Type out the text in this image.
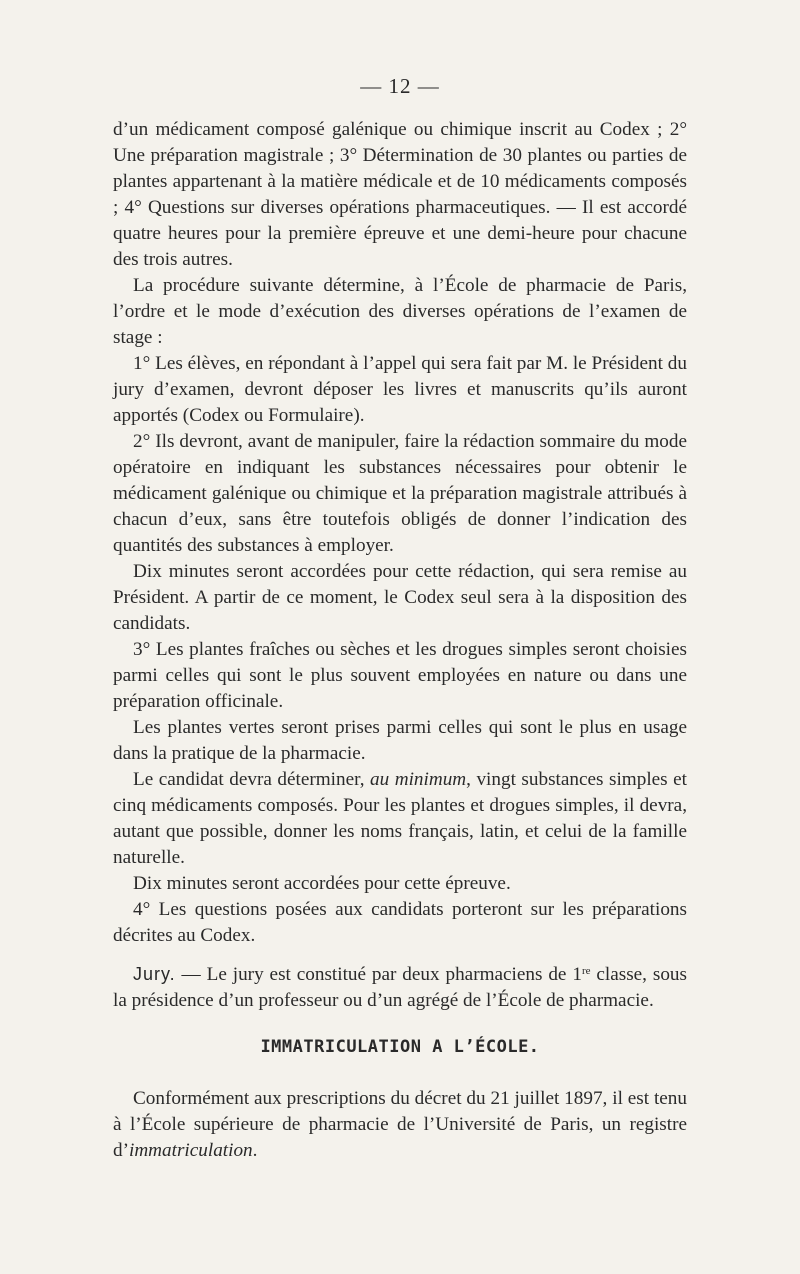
— 12 —

d’un médicament composé galénique ou chimique inscrit au Codex ; 2° Une préparation magistrale ; 3° Détermination de 30 plantes ou parties de plantes appartenant à la matière médicale et de 10 médicaments composés ; 4° Questions sur diverses opérations pharmaceutiques. — Il est accordé quatre heures pour la première épreuve et une demi-heure pour chacune des trois autres.

La procédure suivante détermine, à l’École de pharmacie de Paris, l’ordre et le mode d’exécution des diverses opérations de l’examen de stage :

1° Les élèves, en répondant à l’appel qui sera fait par M. le Président du jury d’examen, devront déposer les livres et manuscrits qu’ils auront apportés (Codex ou Formulaire).

2° Ils devront, avant de manipuler, faire la rédaction sommaire du mode opératoire en indiquant les substances nécessaires pour obtenir le médicament galénique ou chimique et la préparation magistrale attribués à chacun d’eux, sans être toutefois obligés de donner l’indication des quantités des substances à employer.

Dix minutes seront accordées pour cette rédaction, qui sera remise au Président. A partir de ce moment, le Codex seul sera à la disposition des candidats.

3° Les plantes fraîches ou sèches et les drogues simples seront choisies parmi celles qui sont le plus souvent employées en nature ou dans une préparation officinale.

Les plantes vertes seront prises parmi celles qui sont le plus en usage dans la pratique de la pharmacie.

Le candidat devra déterminer, au minimum, vingt substances simples et cinq médicaments composés. Pour les plantes et drogues simples, il devra, autant que possible, donner les noms français, latin, et celui de la famille naturelle.

Dix minutes seront accordées pour cette épreuve.

4° Les questions posées aux candidats porteront sur les préparations décrites au Codex.

Jury. — Le jury est constitué par deux pharmaciens de 1re classe, sous la présidence d’un professeur ou d’un agrégé de l’École de pharmacie.

IMMATRICULATION A L’ÉCOLE.

Conformément aux prescriptions du décret du 21 juillet 1897, il est tenu à l’École supérieure de pharmacie de l’Université de Paris, un registre d’immatriculation.
